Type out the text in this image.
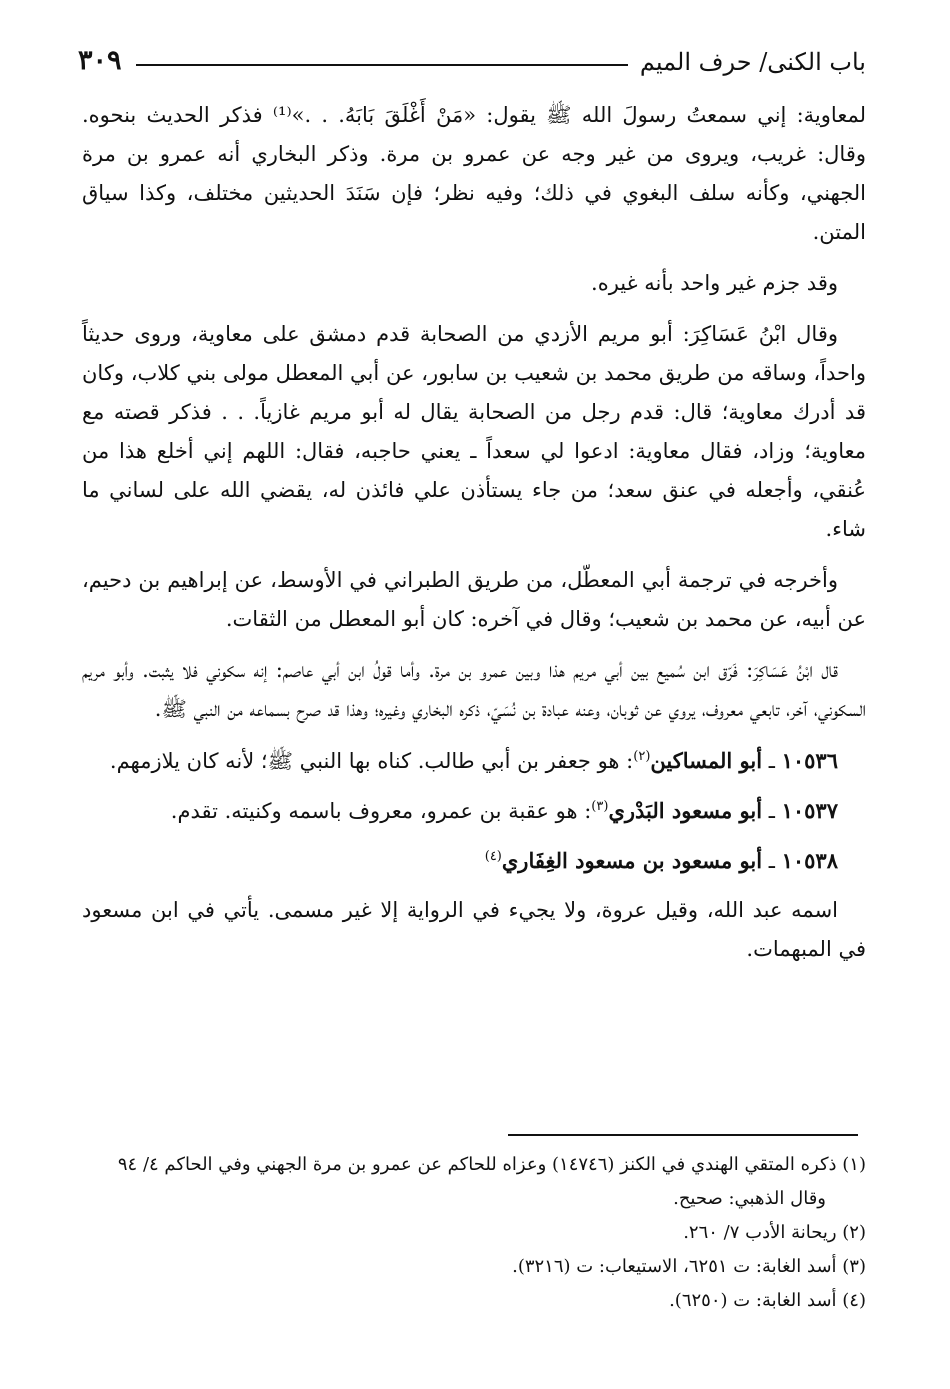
باب الكنى/ حرف الميم
٣٠٩

لمعاوية: إني سمعتُ رسولَ الله ﷺ يقول: «مَنْ أَغْلَقَ بَابَهُ. . .»⁽¹⁾ فذكر الحديث بنحوه. وقال: غريب، ويروى من غير وجه عن عمرو بن مرة. وذكر البخاري أنه عمرو بن مرة الجهني، وكأنه سلف البغوي في ذلك؛ وفيه نظر؛ فإن سَنَدَ الحديثين مختلف، وكذا سياق المتن.

وقد جزم غير واحد بأنه غيره.

وقال ابْنُ عَسَاكِرَ: أبو مريم الأزدي من الصحابة قدم دمشق على معاوية، وروى حديثاً واحداً، وساقه من طريق محمد بن شعيب بن سابور، عن أبي المعطل مولى بني كلاب، وكان قد أدرك معاوية؛ قال: قدم رجل من الصحابة يقال له أبو مريم غازياً. . . فذكر قصته مع معاوية؛ وزاد، فقال معاوية: ادعوا لي سعداً ـ يعني حاجبه، فقال: اللهم إني أخلع هذا من عُنقي، وأجعله في عنق سعد؛ من جاء يستأذن علي فائذن له، يقضي الله على لساني ما شاء.

وأخرجه في ترجمة أبي المعطّل، من طريق الطبراني في الأوسط، عن إبراهيم بن دحيم، عن أبيه، عن محمد بن شعيب؛ وقال في آخره: كان أبو المعطل من الثقات.

قال ابْنُ عَسَاكِرَ: فَرّق ابن سُميع بين أبي مريم هذا وبين عمرو بن مرة. وأما قولُ ابن أبي عاصم: إنه سكوني فلا يثبت. وأبو مريم السكوني، آخر، تابعي معروف، يروي عن ثوبان، وعنه عبادة بن نُسَيّ، ذكره البخاري وغيره؛ وهذا قد صرح بسماعه من النبي ﷺ.

١٠٥٣٦ ـ أبو المساكين$^{(٢)}$: هو جعفر بن أبي طالب. كناه بها النبي ﷺ؛ لأنه كان يلازمهم.

١٠٥٣٧ ـ أبو مسعود البَدْري$^{(٣)}$: هو عقبة بن عمرو، معروف باسمه وكنيته. تقدم.

١٠٥٣٨ ـ أبو مسعود بن مسعود الغِفَاري$^{(٤)}$

اسمه عبد الله، وقيل عروة، ولا يجيء في الرواية إلا غير مسمى. يأتي في ابن مسعود في المبهمات.

(١) ذكره المتقي الهندي في الكنز (١٤٧٤٦) وعزاه للحاكم عن عمرو بن مرة الجهني وفي الحاكم ٤/ ٩٤
وقال الذهبي: صحيح.

(٢) ريحانة الأدب ٧/ ٢٦٠.

(٣) أسد الغابة: ت ٦٢٥١، الاستيعاب: ت (٣٢١٦).

(٤) أسد الغابة: ت (٦٢٥٠).
